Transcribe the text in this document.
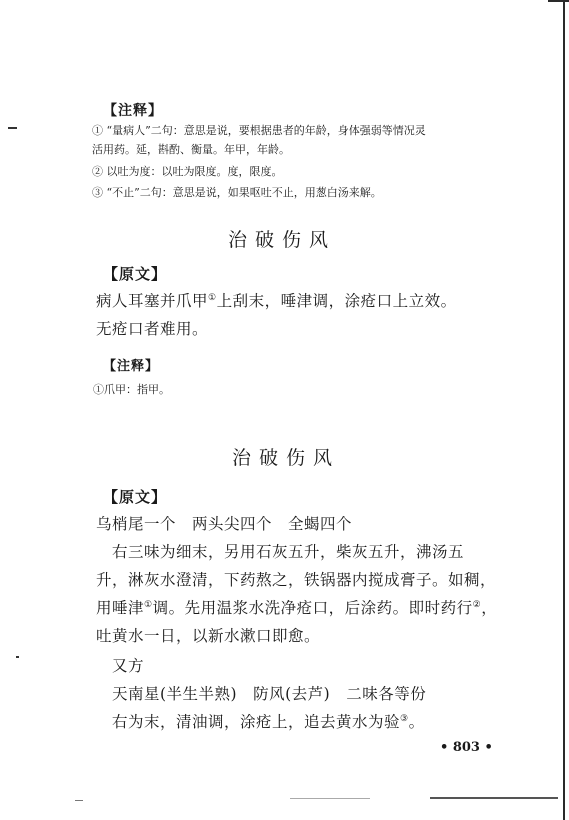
【注释】
① “量病人”二句：意思是说，要根据患者的年龄，身体强弱等情况灵
活用药。延，斟酌、衡量。年甲，年龄。
② 以吐为度：以吐为限度。度，限度。
③ “不止”二句：意思是说，如果呕吐不止，用葱白汤来解。
治破伤风
【原文】
病人耳塞并爪甲①上刮末，唾津调，涂疮口上立效。
无疮口者难用。
【注释】
①爪甲：指甲。
治破伤风
【原文】
乌梢尾一个　两头尖四个　全蝎四个
右三味为细末，另用石灰五升，柴灰五升，沸汤五
升，淋灰水澄清，下药熬之，铁锅器内搅成膏子。如稠，
用唾津①调。先用温浆水洗净疮口，后涂药。即时药行②，
吐黄水一日，以新水漱口即愈。
又方
天南星(半生半熟)　防风(去芦)　二味各等份
右为末，清油调，涂疮上，追去黄水为验③。
• 803 •
